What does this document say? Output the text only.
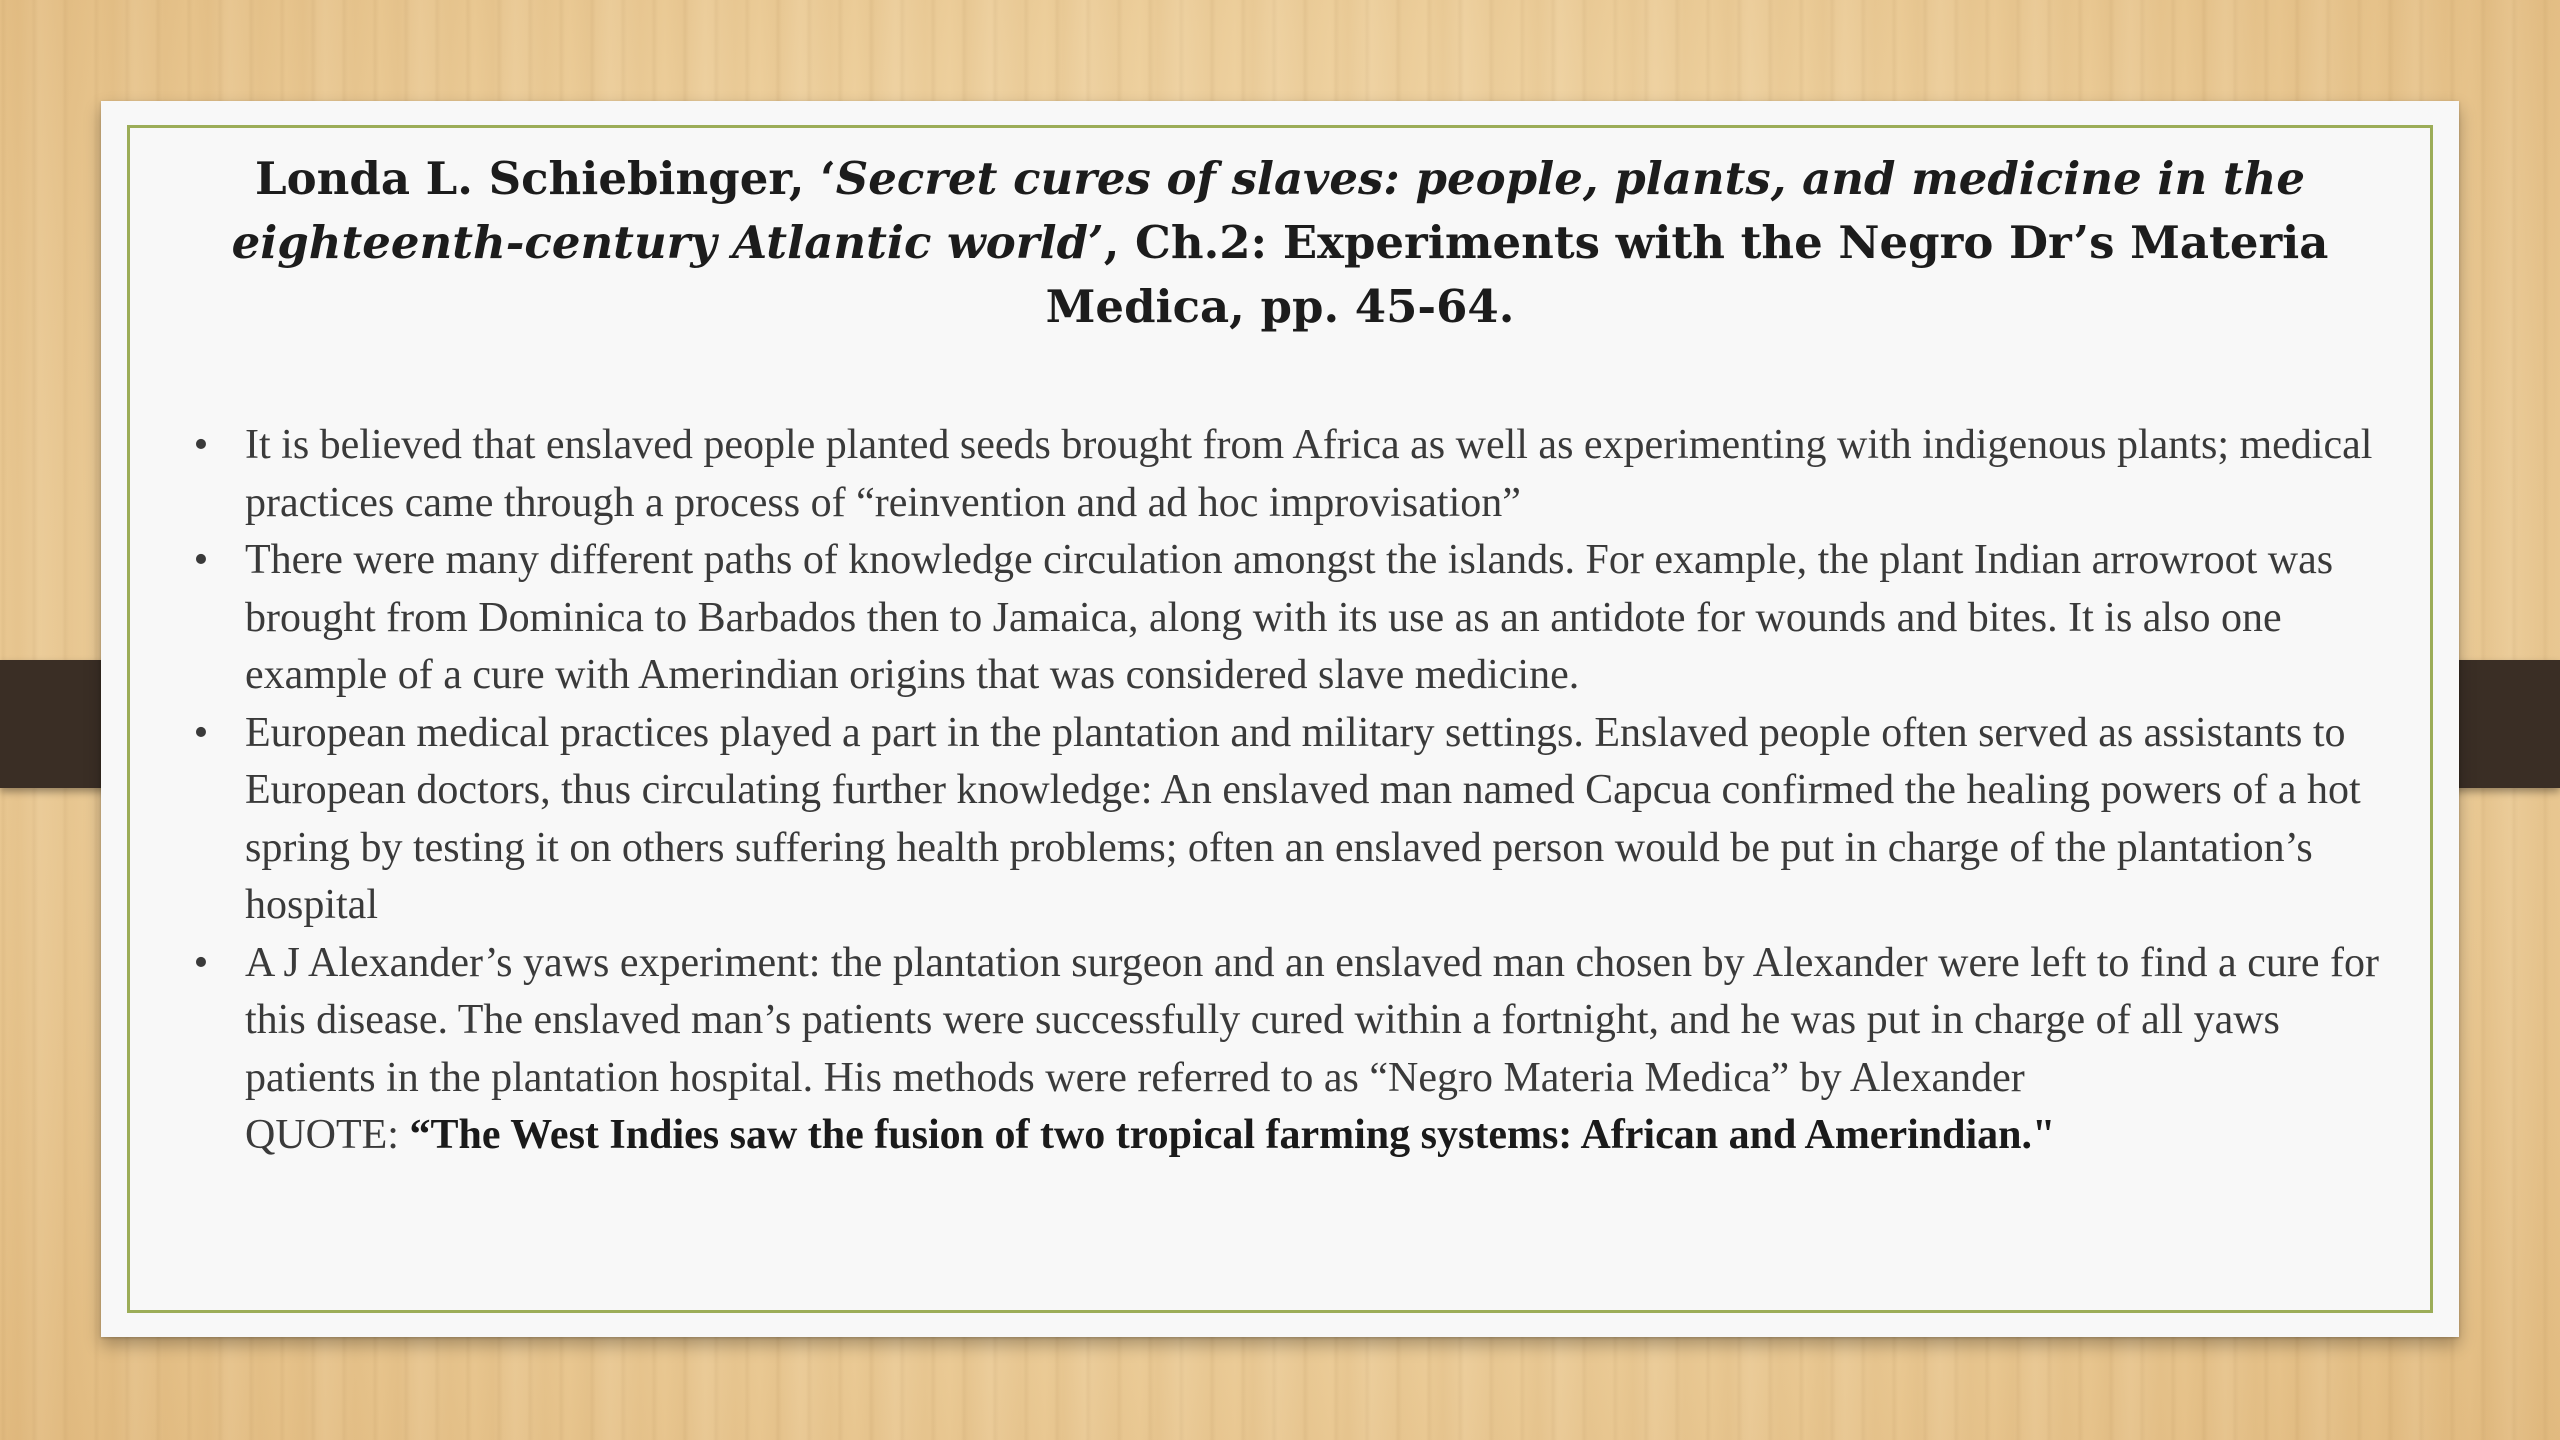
Londa L. Schiebinger, ‘Secret cures of slaves: people, plants, and medicine in the eighteenth-century Atlantic world’, Ch.2: Experiments with the Negro Dr’s Materia Medica, pp. 45-64.
• It is believed that enslaved people planted seeds brought from Africa as well as experimenting with indigenous plants; medical practices came through a process of “reinvention and ad hoc improvisation”
• There were many different paths of knowledge circulation amongst the islands. For example, the plant Indian arrowroot was brought from Dominica to Barbados then to Jamaica, along with its use as an antidote for wounds and bites. It is also one example of a cure with Amerindian origins that was considered slave medicine.
• European medical practices played a part in the plantation and military settings. Enslaved people often served as assistants to European doctors, thus circulating further knowledge: An enslaved man named Capcua confirmed the healing powers of a hot spring by testing it on others suffering health problems; often an enslaved person would be put in charge of the plantation’s hospital
• A J Alexander’s yaws experiment: the plantation surgeon and an enslaved man chosen by Alexander were left to find a cure for this disease. The enslaved man’s patients were successfully cured within a fortnight, and he was put in charge of all yaws patients in the plantation hospital. His methods were referred to as “Negro Materia Medica” by Alexander
QUOTE: “The West Indies saw the fusion of two tropical farming systems: African and Amerindian."
